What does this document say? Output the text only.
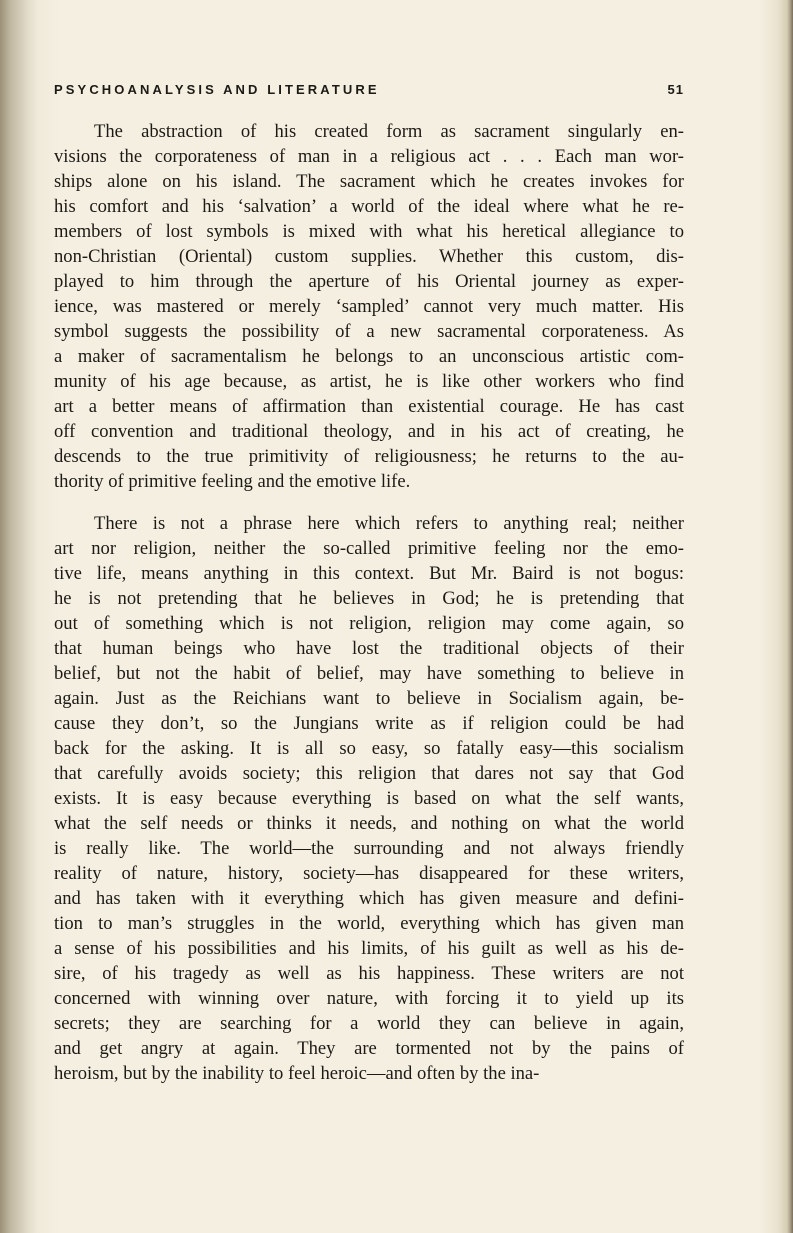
PSYCHOANALYSIS AND LITERATURE	51
The abstraction of his created form as sacrament singularly en-
visions the corporateness of man in a religious act . . . Each man wor-
ships alone on his island. The sacrament which he creates invokes for
his comfort and his ‘salvation’ a world of the ideal where what he re-
members of lost symbols is mixed with what his heretical allegiance to
non-Christian (Oriental) custom supplies. Whether this custom, dis-
played to him through the aperture of his Oriental journey as exper-
ience, was mastered or merely ‘sampled’ cannot very much matter. His
symbol suggests the possibility of a new sacramental corporateness. As
a maker of sacramentalism he belongs to an unconscious artistic com-
munity of his age because, as artist, he is like other workers who find
art a better means of affirmation than existential courage. He has cast
off convention and traditional theology, and in his act of creating, he
descends to the true primitivity of religiousness; he returns to the au-
thority of primitive feeling and the emotive life.
There is not a phrase here which refers to anything real; neither
art nor religion, neither the so-called primitive feeling nor the emo-
tive life, means anything in this context. But Mr. Baird is not bogus:
he is not pretending that he believes in God; he is pretending that
out of something which is not religion, religion may come again, so
that human beings who have lost the traditional objects of their
belief, but not the habit of belief, may have something to believe in
again. Just as the Reichians want to believe in Socialism again, be-
cause they don’t, so the Jungians write as if religion could be had
back for the asking. It is all so easy, so fatally easy—this socialism
that carefully avoids society; this religion that dares not say that God
exists. It is easy because everything is based on what the self wants,
what the self needs or thinks it needs, and nothing on what the world
is really like. The world—the surrounding and not always friendly
reality of nature, history, society—has disappeared for these writers,
and has taken with it everything which has given measure and defini-
tion to man’s struggles in the world, everything which has given man
a sense of his possibilities and his limits, of his guilt as well as his de-
sire, of his tragedy as well as his happiness. These writers are not
concerned with winning over nature, with forcing it to yield up its
secrets; they are searching for a world they can believe in again,
and get angry at again. They are tormented not by the pains of
heroism, but by the inability to feel heroic—and often by the ina-
